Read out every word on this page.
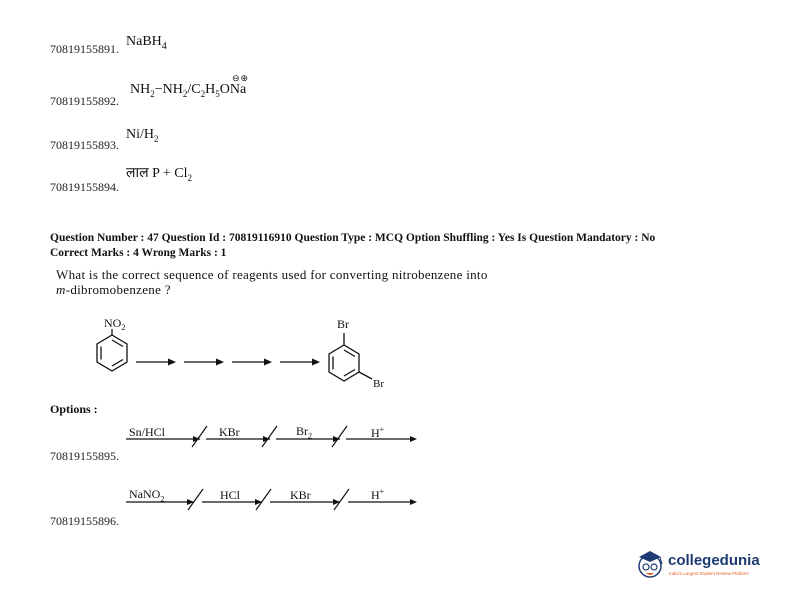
70819155891. NaBH$_4$
70819155892.
⊖⊕
$NH_2-NH_2/C_2H_5ONa$
70819155893.
$Ni/H_2$
70819155894.
लाल $P + Cl_2$
Question Number : 47 Question Id : 70819116910 Question Type : MCQ Option Shuffling : Yes Is Question Mandatory : No
Correct Marks : 4 Wrong Marks : 1
What is the correct sequence of reagents used for converting nitrobenzene into
m-dibromobenzene ?
$NO_2$	Br
Br
Options :
Sn/HCl	KBr	$Br_2$	H+
70819155895.
NaNO$_2$	HCl	KBr	H+
70819155896.
collegedunia
India's Largest Student Review Platform
